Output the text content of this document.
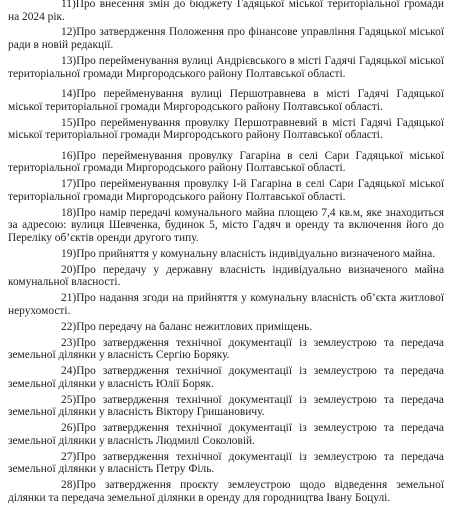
11)Про внесення змін до бюджету Гадяцької міської територіальної громади на 2024 рік.

12)Про затвердження Положення про фінансове управління Гадяцької міської ради в новій редакції.

13)Про перейменування вулиці Андрієвського в місті Гадячі Гадяцької міської територіальної громади Миргородського району Полтавської області.

14)Про перейменування вулиці Першотравнева в місті Гадячі Гадяцької міської територіальної громади Миргородського району Полтавської області.

15)Про перейменування провулку Першотравневий в місті Гадячі Гадяцької міської територіальної громади Миргородського району Полтавської області.

16)Про перейменування провулку Гагаріна в селі Сари Гадяцької міської територіальної громади Миргородського району Полтавської області.

17)Про перейменування провулку І-й Гагаріна в селі Сари Гадяцької міської територіальної громади Миргородського району Полтавської області.

18)Про намір передачі комунального майна площею 7,4 кв.м, яке знаходиться за адресою: вулиця Шевченка, будинок 5, місто Гадяч в оренду та включення його до Переліку об’єктів оренди другого типу.

19)Про прийняття у комунальну власність індивідуально визначеного майна.

20)Про передачу у державну власність індивідуально визначеного майна комунальної власності.

21)Про надання згоди на прийняття у комунальну власність об’єкта житлової нерухомості.

22)Про передачу на баланс нежитлових приміщень.

23)Про затвердження технічної документації із землеустрою та передача земельної ділянки у власність Сергію Боряку.

24)Про затвердження технічної документації із землеустрою та передача земельної ділянки у власність Юлії Боряк.

25)Про затвердження технічної документації із землеустрою та передача земельної ділянки у власність Віктору Гришановичу.

26)Про затвердження технічної документації із землеустрою та передача земельної ділянки у власність Людмилі Соколовій.

27)Про затвердження технічної документації із землеустрою та передача земельної ділянки у власність Петру Філь.

28)Про затвердження проєкту землеустрою щодо відведення земельної ділянки та передача земельної ділянки в оренду для городництва Івану Боцулі.
